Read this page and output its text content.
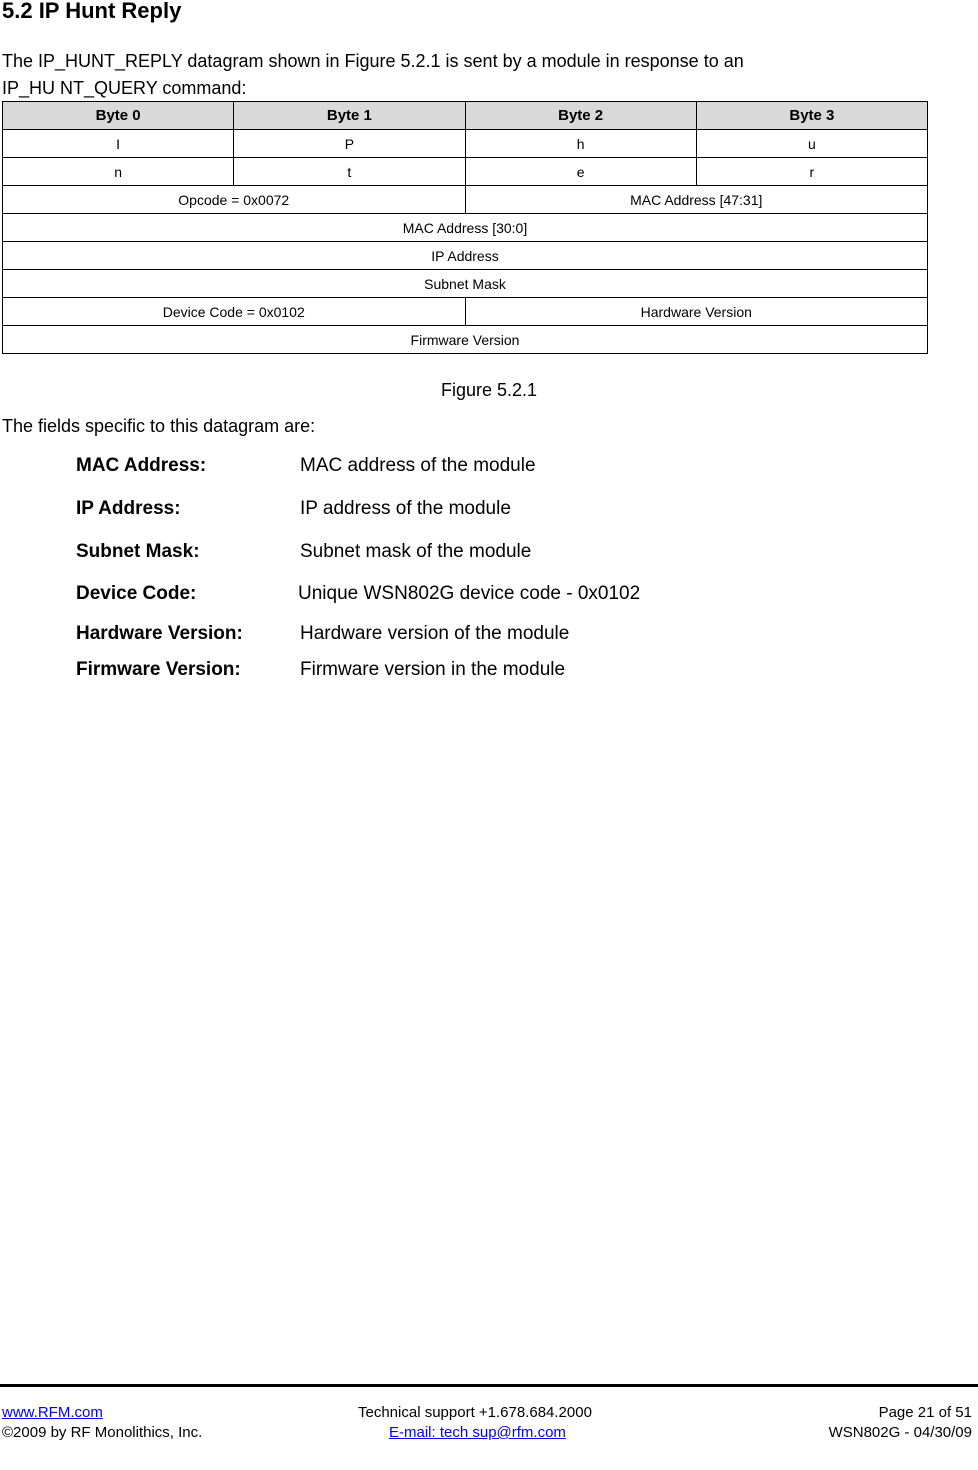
5.2 IP Hunt Reply
The IP_HUNT_REPLY datagram shown in Figure 5.2.1 is sent by a module in response to an
IP_HU NT_QUERY command:
Byte 0	Byte 1	Byte 2	Byte 3
I	P	h	u
n	t	e	r
Opcode = 0x0072		MAC Address [47:31]	
MAC Address [30:0]			
IP Address			
Subnet Mask			
Device Code = 0x0102		Hardware Version	
Firmware Version			
Figure 5.2.1
The fields specific to this datagram are:
MAC Address:	MAC address of the module
IP Address:	IP address of the module
Subnet Mask:	Subnet mask of the module
Device Code:	Unique WSN802G device code - 0x0102
Hardware Version:	Hardware version of the module
Firmware Version:	Firmware version in the module
www.RFM.com
©2009 by RF Monolithics, Inc.
Technical support +1.678.684.2000
E-mail: tech sup@rfm.com
Page 21 of 51
WSN802G - 04/30/09
